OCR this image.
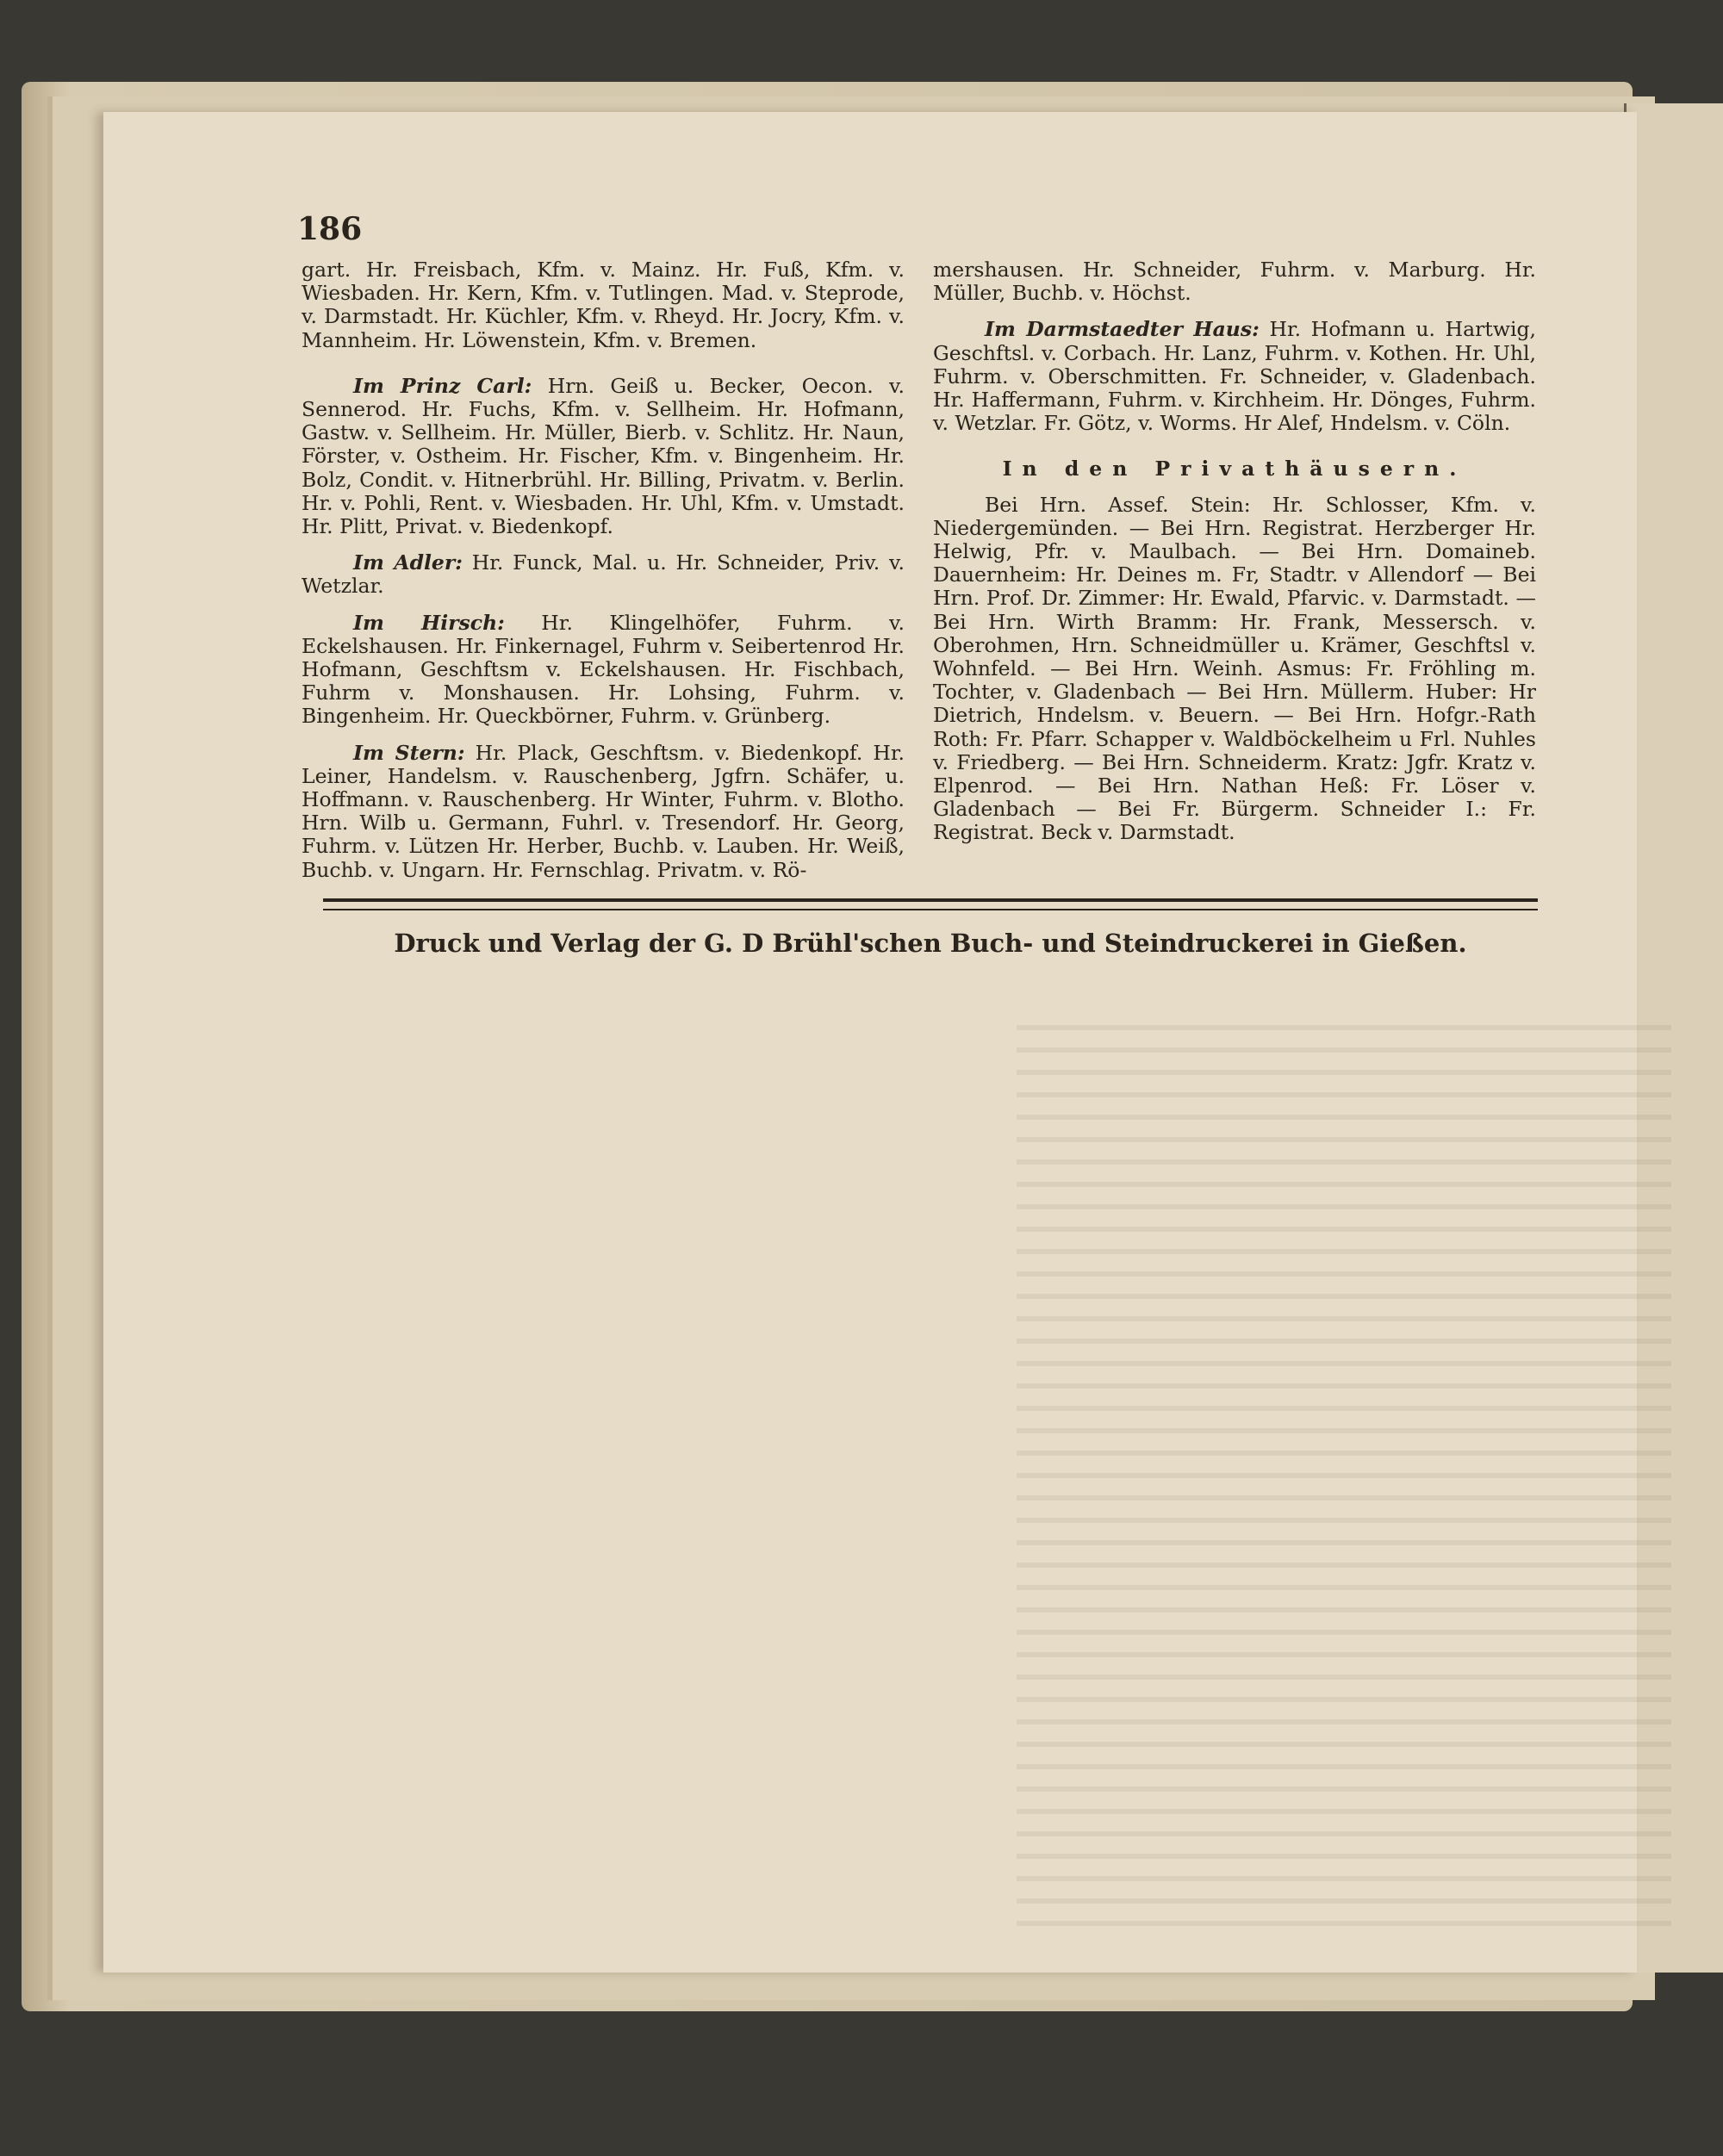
186

gart. Hr. Freisbach, Kfm. v. Mainz. Hr. Fuß, Kfm. v. Wiesbaden. Hr. Kern, Kfm. v. Tutlingen. Mad. v. Steprode, v. Darmstadt. Hr. Küchler, Kfm. v. Rheyd. Hr. Jocry, Kfm. v. Mannheim. Hr. Löwenstein, Kfm. v. Bremen.

Im Prinz Carl: Hrn. Geiß u. Becker, Oecon. v. Sennerod. Hr. Fuchs, Kfm. v. Sellheim. Hr. Hofmann, Gastw. v. Sellheim. Hr. Müller, Bierb. v. Schlitz. Hr. Naun, Förster, v. Ostheim. Hr. Fischer, Kfm. v. Bingenheim. Hr. Bolz, Condit. v. Hitnerbrühl. Hr. Billing, Privatm. v. Berlin. Hr. v. Pohli, Rent. v. Wiesbaden. Hr. Uhl, Kfm. v. Umstadt. Hr. Plitt, Privat. v. Biedenkopf.

Im Adler: Hr. Funck, Mal. u. Hr. Schneider, Priv. v. Wetzlar.

Im Hirsch: Hr. Klingelhöfer, Fuhrm. v. Eckelshausen. Hr. Finkernagel, Fuhrm v. Seibertenrod Hr. Hofmann, Geschftsm v. Eckelshausen. Hr. Fischbach, Fuhrm v. Monshausen. Hr. Lohsing, Fuhrm. v. Bingenheim. Hr. Queckbörner, Fuhrm. v. Grünberg.

Im Stern: Hr. Plack, Geschftsm. v. Biedenkopf. Hr. Leiner, Handelsm. v. Rauschenberg, Jgfrn. Schäfer, u. Hoffmann. v. Rauschenberg. Hr Winter, Fuhrm. v. Blotho. Hrn. Wilb u. Germann, Fuhrl. v. Tresendorf. Hr. Georg, Fuhrm. v. Lützen Hr. Herber, Buchb. v. Lauben. Hr. Weiß, Buchb. v. Ungarn. Hr. Fernschlag. Privatm. v. Rö-

mershausen. Hr. Schneider, Fuhrm. v. Marburg. Hr. Müller, Buchb. v. Höchst.

Im Darmstaedter Haus: Hr. Hofmann u. Hartwig, Geschftsl. v. Corbach. Hr. Lanz, Fuhrm. v. Kothen. Hr. Uhl, Fuhrm. v. Oberschmitten. Fr. Schneider, v. Gladenbach. Hr. Haffermann, Fuhrm. v. Kirchheim. Hr. Dönges, Fuhrm. v. Wetzlar. Fr. Götz, v. Worms. Hr Alef, Hndelsm. v. Cöln.

In den Privathäusern.

Bei Hrn. Assef. Stein: Hr. Schlosser, Kfm. v. Niedergemünden. — Bei Hrn. Registrat. Herzberger Hr. Helwig, Pfr. v. Maulbach. — Bei Hrn. Domaineb. Dauernheim: Hr. Deines m. Fr, Stadtr. v Allendorf — Bei Hrn. Prof. Dr. Zimmer: Hr. Ewald, Pfarvic. v. Darmstadt. — Bei Hrn. Wirth Bramm: Hr. Frank, Messersch. v. Oberohmen, Hrn. Schneidmüller u. Krämer, Geschftsl v. Wohnfeld. — Bei Hrn. Weinh. Asmus: Fr. Fröhling m. Tochter, v. Gladenbach — Bei Hrn. Müllerm. Huber: Hr Dietrich, Hndelsm. v. Beuern. — Bei Hrn. Hofgr.-Rath Roth: Fr. Pfarr. Schapper v. Waldböckelheim u Frl. Nuhles v. Friedberg. — Bei Hrn. Schneiderm. Kratz: Jgfr. Kratz v. Elpenrod. — Bei Hrn. Nathan Heß: Fr. Löser v. Gladenbach — Bei Fr. Bürgerm. Schneider I.: Fr. Registrat. Beck v. Darmstadt.

Druck und Verlag der G. D Brühl'schen Buch- und Steindruckerei in Gießen.
